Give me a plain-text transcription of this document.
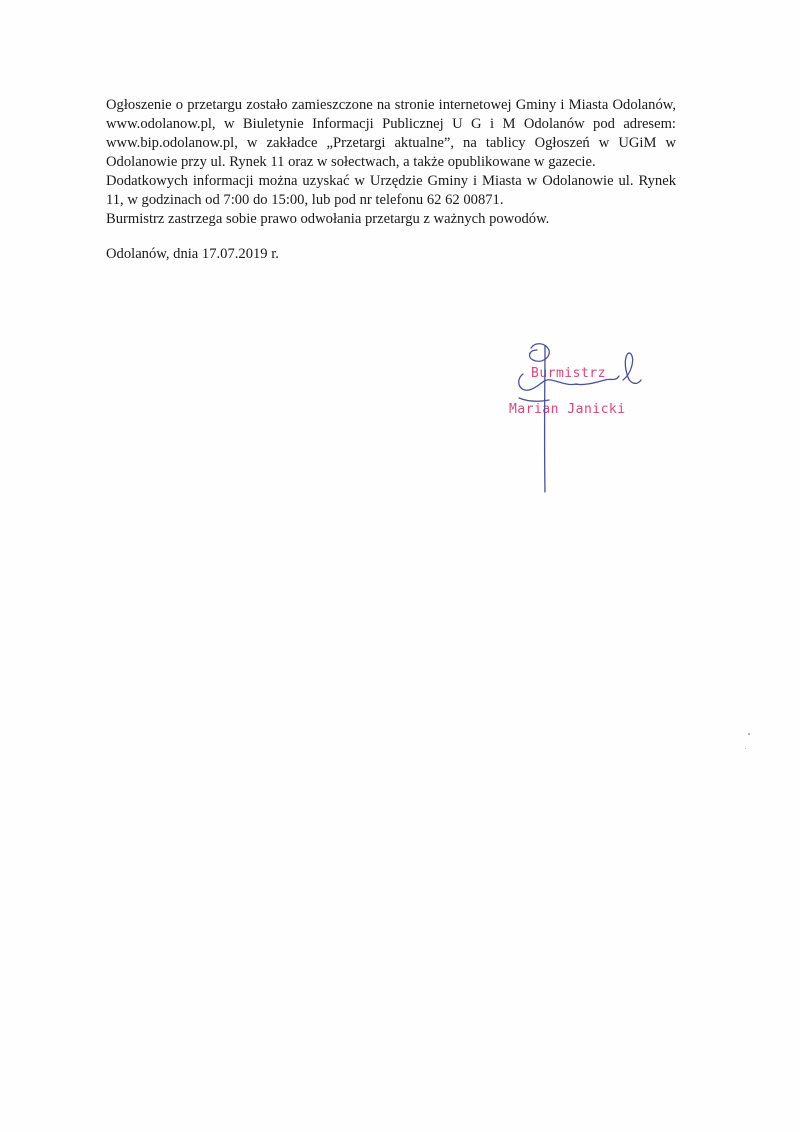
Ogłoszenie o przetargu zostało zamieszczone na stronie internetowej Gminy i Miasta Odolanów, www.odolanow.pl, w Biuletynie Informacji Publicznej U G i M Odolanów pod adresem: www.bip.odolanow.pl, w zakładce „Przetargi aktualne”, na tablicy Ogłoszeń w UGiM w Odolanowie przy ul. Rynek 11 oraz w sołectwach, a także opublikowane w gazecie.

Dodatkowych informacji można uzyskać w Urzędzie Gminy i Miasta w Odolanowie ul. Rynek 11, w godzinach od 7:00 do 15:00, lub pod nr telefonu 62 62 00871.

Burmistrz zastrzega sobie prawo odwołania przetargu z ważnych powodów.

Odolanów, dnia 17.07.2019 r.
Burmistrz
Marian Janicki
